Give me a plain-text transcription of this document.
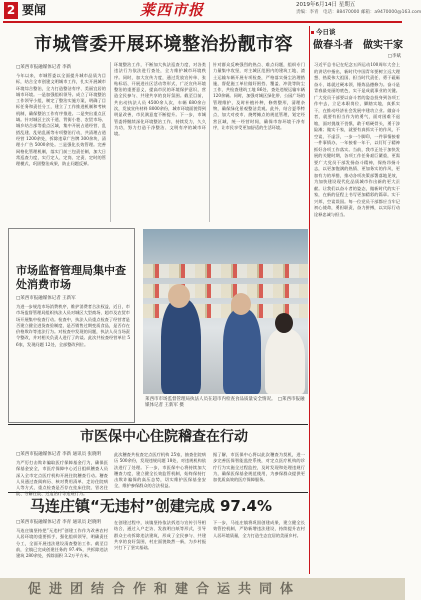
2 要闻	莱西市报	2019年6月14日 星期五
责编：李青　电话：88470000 邮箱：a9470000@163.com
市城管委开展环境整治扮靓市容
□莱西市报融媒体记者 李新
今年以来，市城管委以全面提升城市品质为目标，结合全市创建文明城市工作，扎实开展城市环境综合整治，全力打造整洁有序、美丽宜居的城市环境。一是加强组织领导。成立了环境整治工作领导小组，制定了整治实施方案，明确了目标任务和责任分工，建立了工作推进机制和考核机制，确保整治工作有序推进。二是突出重点区域。针对城区主次干道、背街小巷、农贸市场、城乡结合部等重点区域，集中开展占道经营、乱搭乱建、乱贴乱画等专项整治行动，共清理占道经营 1200余处，拆除违章广告牌 300余块，清理小广告 5000余处。三是强化长效管理。完善网格化管理机制，落实门前三包责任制，加大日常巡查力度，实行定人、定岗、定责、定时的管理模式，巩固整治成果，防止问题反弹。
环境整治工作，不断加大执法巡查力度，对各类违法行为依法进行查处，全力维护城市环境秩序。同时，加大宣传力度，通过发放宣传单、张贴标语、开展进社区活动等形式，广泛宣传环境整治的重要意义，提高市民的环境保护意识，营造全民参与、共建共享的良好氛围。截至目前，共出动执法人员 4500余人次，车辆 680余台次，发放宣传材料 8000余份，城市环境面貌得到明显改善，市民满意度不断提升。下一步，市城管委将继续深化环境整治工作，持续发力，久久为功，努力打造干净整洁、文明有序的城市环境。
针对群众反映强烈的热点、难点问题，组织专门力量集中攻坚，对主城区范围内的建筑工地、渣土运输车辆开展专项检查，严格落实扬尘治理措施，督促施工单位做好围挡、覆盖、冲洗等防尘工作，共检查建筑工地 86处，查处违规运输车辆 120余辆。同时，加强对城区绿化带、公园广场的管理维护，及时补植补种，修剪整形，清理杂物，确保绿化景观整洁美观。此外，结合夏季特点，加大对夜市、烧烤摊点的规范管理，划定经营区域，统一经营时间，确保市容环境干净有序，让市民享受更加舒适的生活环境。
今日谈
做春斗者　做实干家
□李斌
习近平总书记在纪念五四运动100周年大会上的讲话中指出，新时代中国青年要树立远大理想、热爱伟大祖国、担当时代责任、勇于砥砺奋斗、练就过硬本领、锤炼品德修为。奋斗是青春最亮丽的底色，实干是成就事业的关键。广大党员干部要以奋斗者的姿态投身到各项工作中去，立足本职岗位，脚踏实地，真抓实干，在推动经济社会发展中建功立业。做奋斗者，就要有担当作为的勇气，面对困难不退缩，面对挑战不畏惧，敢于啃硬骨头，勇于涉险滩；做实干家，就要有真抓实干的作风，不空谈、不虚浮，一步一个脚印，一件事情接着一件事情办，一年接着一年干，以钉钉子精神抓好各项工作落实。当前，我市正处于加快发展的关键时期，各项工作任务艰巨繁重，更需要广大党员干部发扬奋斗精神，保持昂扬斗志，以更加饱满的热情、更加务实的作风、更加有力的举措，推动各项决策部署落地见效，为加快建设现代化品质城市作出新的更大贡献。让我们以奋斗者的姿态，做新时代的实干家，在新的征程上书写更加精彩的篇章。实干兴邦，空谈误国。每一位党员干部都应当牢记初心使命，勇担职责，奋力拼搏，以实际行动诠释忠诚与担当。
市场监督管理局集中查处消费市场
□莱西市报融媒体记者 王新军
为进一步规范市场消费秩序，维护消费者合法权益，近日，市市场监督管理局组织执法人员对城区大型商场、超市及农贸市场开展集中检查行动。检查中，执法人员重点检查了经营者是否建立健全进货查验制度，是否销售过期变质食品，是否存在价格欺诈等违法行为。对检查中发现的问题，执法人员当场责令整改，并对相关负责人进行了约谈。此次共检查经营单位 56家，发现问题 12处，全部整改到位。
莱西市市场监督管理局执法人员在超市内检查食品质量安全情况。　□莱西市报融媒体记者 王新军 摄
市医保中心住院稽查在行动
□莱西市报融媒体记者 李新 通讯员 张晓明
为严厉打击欺诈骗取医疗保障基金行为，确保医保基金安全，市医疗保障中心近日组织稽查人员深入全市定点医疗机构开展住院稽查行动。稽查人员通过查阅病历、核对费用清单、走访住院病人等方式，重点检查是否存在挂床住院、冒名住院、分解住院、过度治疗等违规行为。
此次稽查共检查定点医疗机构 25家，抽查住院病历 500余份，发现违规问题 18处，对违规机构依法进行了处理。下一步，市医保中心将持续加大稽查力度，建立健全长效监管机制，始终保持打击欺诈骗保的高压态势，切实维护医保基金安全，维护参保群众的合法权益。
据了解，市医保中心将以此次稽查为契机，进一步完善医保智能监控系统，对定点医疗机构的诊疗行为实施全过程监控，及时发现和处理违规行为，确保医保基金规范使用，为参保群众提供更加优质高效的医疗保障服务。
马连庄镇“无违村”创建完成 97.4%
□莱西市报融媒体记者 李青 通讯员 赵晓明
马连庄镇坚持把“无违村”创建工作作为改善农村人居环境的重要抓手，强化组织领导，明确责任分工，全面开展违法建设清查整治工作。截至目前，全镇已完成创建任务的 97.4%，共拆除违法建筑 280余处，拆除面积 3.2万平方米。
在创建过程中，该镇坚持依法拆违与宣传引导相结合，通过入户走访、发放明白纸等形式，引导群众主动拆除违法建筑，形成了全民参与、共建共享的良好氛围，村庄面貌焕然一新，为乡村振兴打下了坚实基础。
下一步，马连庄镇将巩固创建成果，建立健全长效管控机制，严防新增违法建设，持续提升农村人居环境质量，全力打造生态宜居的美丽乡村。
促进团结合作和建合运共同体
